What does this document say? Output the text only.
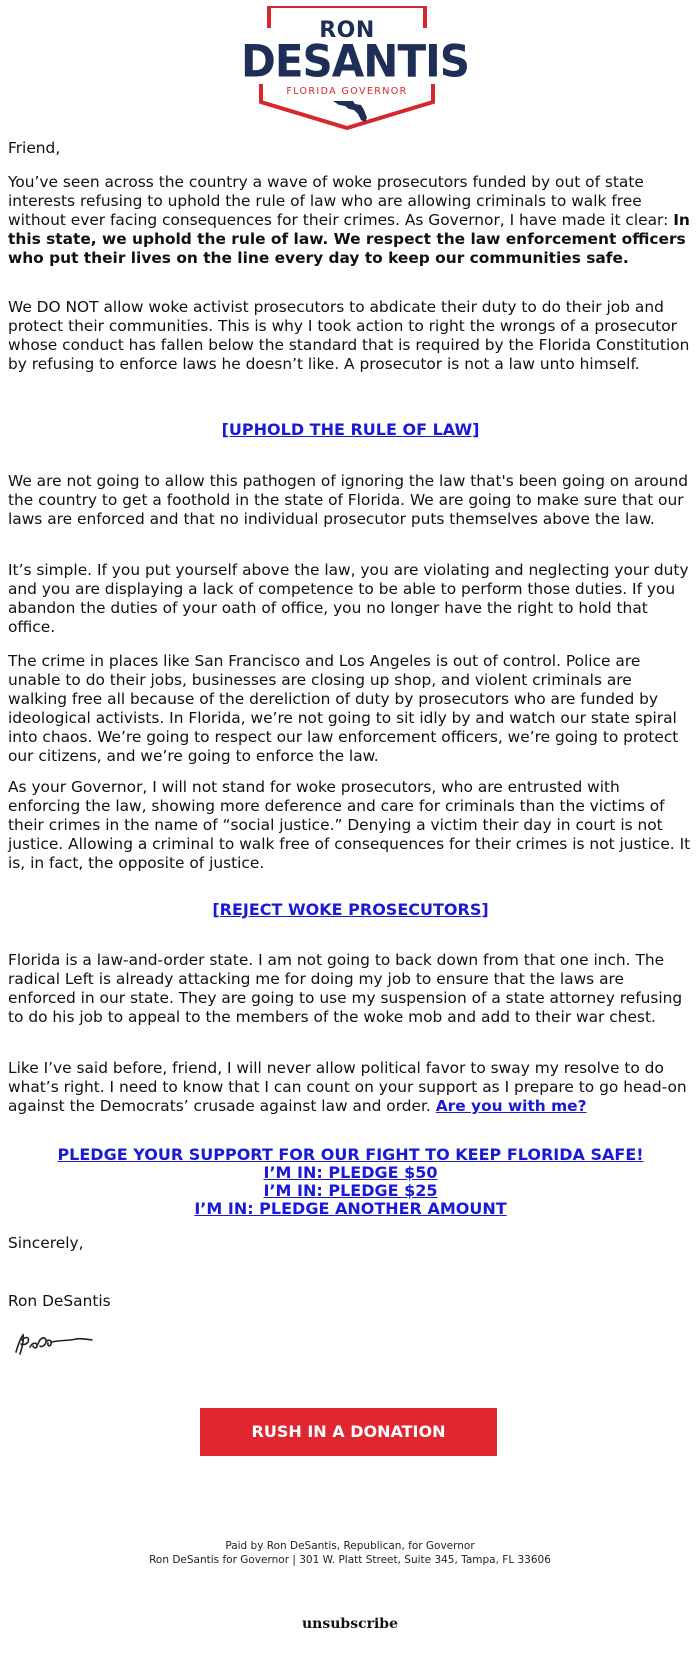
RON
DESANTIS
FLORIDA GOVERNOR

Friend,

You’ve seen across the country a wave of woke prosecutors funded by out of state interests refusing to uphold the rule of law who are allowing criminals to walk free without ever facing consequences for their crimes. As Governor, I have made it clear: In this state, we uphold the rule of law. We respect the law enforcement officers who put their lives on the line every day to keep our communities safe.

We DO NOT allow woke activist prosecutors to abdicate their duty to do their job and protect their communities. This is why I took action to right the wrongs of a prosecutor whose conduct has fallen below the standard that is required by the Florida Constitution by refusing to enforce laws he doesn’t like. A prosecutor is not a law unto himself.

[UPHOLD THE RULE OF LAW]

We are not going to allow this pathogen of ignoring the law that's been going on around the country to get a foothold in the state of Florida. We are going to make sure that our laws are enforced and that no individual prosecutor puts themselves above the law.

It’s simple. If you put yourself above the law, you are violating and neglecting your duty and you are displaying a lack of competence to be able to perform those duties. If you abandon the duties of your oath of office, you no longer have the right to hold that office.

The crime in places like San Francisco and Los Angeles is out of control. Police are unable to do their jobs, businesses are closing up shop, and violent criminals are walking free all because of the dereliction of duty by prosecutors who are funded by ideological activists. In Florida, we’re not going to sit idly by and watch our state spiral into chaos. We’re going to respect our law enforcement officers, we’re going to protect our citizens, and we’re going to enforce the law.

As your Governor, I will not stand for woke prosecutors, who are entrusted with enforcing the law, showing more deference and care for criminals than the victims of their crimes in the name of “social justice.” Denying a victim their day in court is not justice. Allowing a criminal to walk free of consequences for their crimes is not justice. It is, in fact, the opposite of justice.

[REJECT WOKE PROSECUTORS]

Florida is a law-and-order state. I am not going to back down from that one inch. The radical Left is already attacking me for doing my job to ensure that the laws are enforced in our state. They are going to use my suspension of a state attorney refusing to do his job to appeal to the members of the woke mob and add to their war chest.

Like I’ve said before, friend, I will never allow political favor to sway my resolve to do what’s right. I need to know that I can count on your support as I prepare to go head-on against the Democrats’ crusade against law and order. Are you with me?

PLEDGE YOUR SUPPORT FOR OUR FIGHT TO KEEP FLORIDA SAFE!
I’M IN: PLEDGE $50
I’M IN: PLEDGE $25
I’M IN: PLEDGE ANOTHER AMOUNT

Sincerely,

Ron DeSantis

RUSH IN A DONATION
Paid by Ron DeSantis, Republican, for Governor
Ron DeSantis for Governor | 301 W. Platt Street, Suite 345, Tampa, FL 33606
unsubscribe
